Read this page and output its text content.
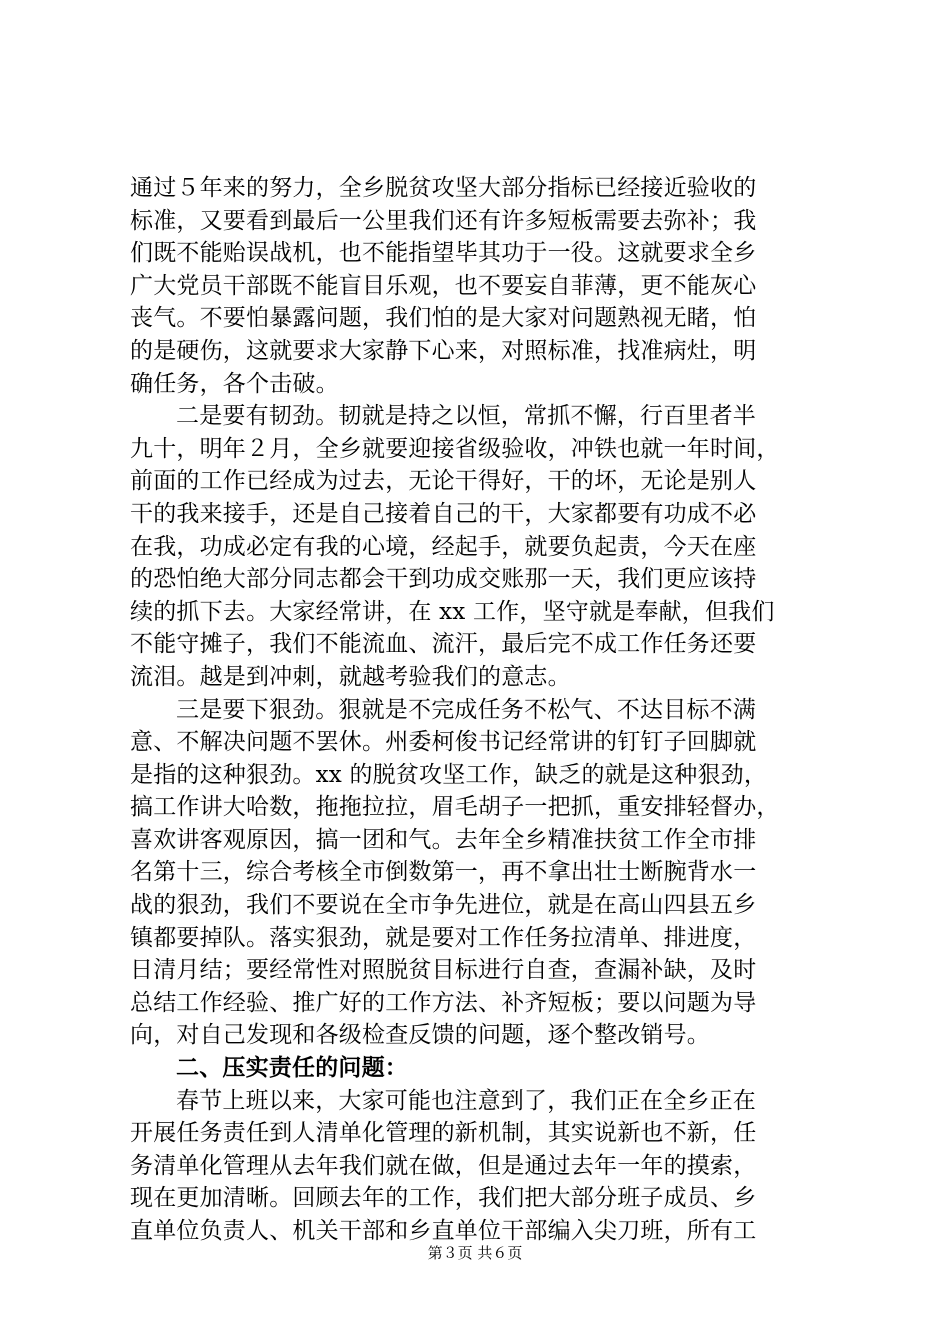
通过５年来的努力，全乡脱贫攻坚大部分指标已经接近验收的
标准，又要看到最后一公里我们还有许多短板需要去弥补；我
们既不能贻误战机，也不能指望毕其功于一役。这就要求全乡
广大党员干部既不能盲目乐观，也不要妄自菲薄，更不能灰心
丧气。不要怕暴露问题，我们怕的是大家对问题熟视无睹，怕
的是硬伤，这就要求大家静下心来，对照标准，找准病灶，明
确任务，各个击破。
二是要有韧劲。韧就是持之以恒，常抓不懈，行百里者半
九十，明年２月，全乡就要迎接省级验收，冲铁也就一年时间，
前面的工作已经成为过去，无论干得好，干的坏，无论是别人
干的我来接手，还是自己接着自己的干，大家都要有功成不必
在我，功成必定有我的心境，经起手，就要负起责，今天在座
的恐怕绝大部分同志都会干到功成交账那一天，我们更应该持
续的抓下去。大家经常讲，在 xx 工作，坚守就是奉献，但我们
不能守摊子，我们不能流血、流汗，最后完不成工作任务还要
流泪。越是到冲刺，就越考验我们的意志。
三是要下狠劲。狠就是不完成任务不松气、不达目标不满
意、不解决问题不罢休。州委柯俊书记经常讲的钉钉子回脚就
是指的这种狠劲。xx 的脱贫攻坚工作，缺乏的就是这种狠劲，
搞工作讲大哈数，拖拖拉拉，眉毛胡子一把抓，重安排轻督办，
喜欢讲客观原因，搞一团和气。去年全乡精准扶贫工作全市排
名第十三，综合考核全市倒数第一，再不拿出壮士断腕背水一
战的狠劲，我们不要说在全市争先进位，就是在高山四县五乡
镇都要掉队。落实狠劲，就是要对工作任务拉清单、排进度，
日清月结；要经常性对照脱贫目标进行自查，查漏补缺，及时
总结工作经验、推广好的工作方法、补齐短板；要以问题为导
向，对自己发现和各级检查反馈的问题，逐个整改销号。
二、压实责任的问题：
春节上班以来，大家可能也注意到了，我们正在全乡正在
开展任务责任到人清单化管理的新机制，其实说新也不新，任
务清单化管理从去年我们就在做，但是通过去年一年的摸索，
现在更加清晰。回顾去年的工作，我们把大部分班子成员、乡
直单位负责人、机关干部和乡直单位干部编入尖刀班，所有工
第３页 共６页
